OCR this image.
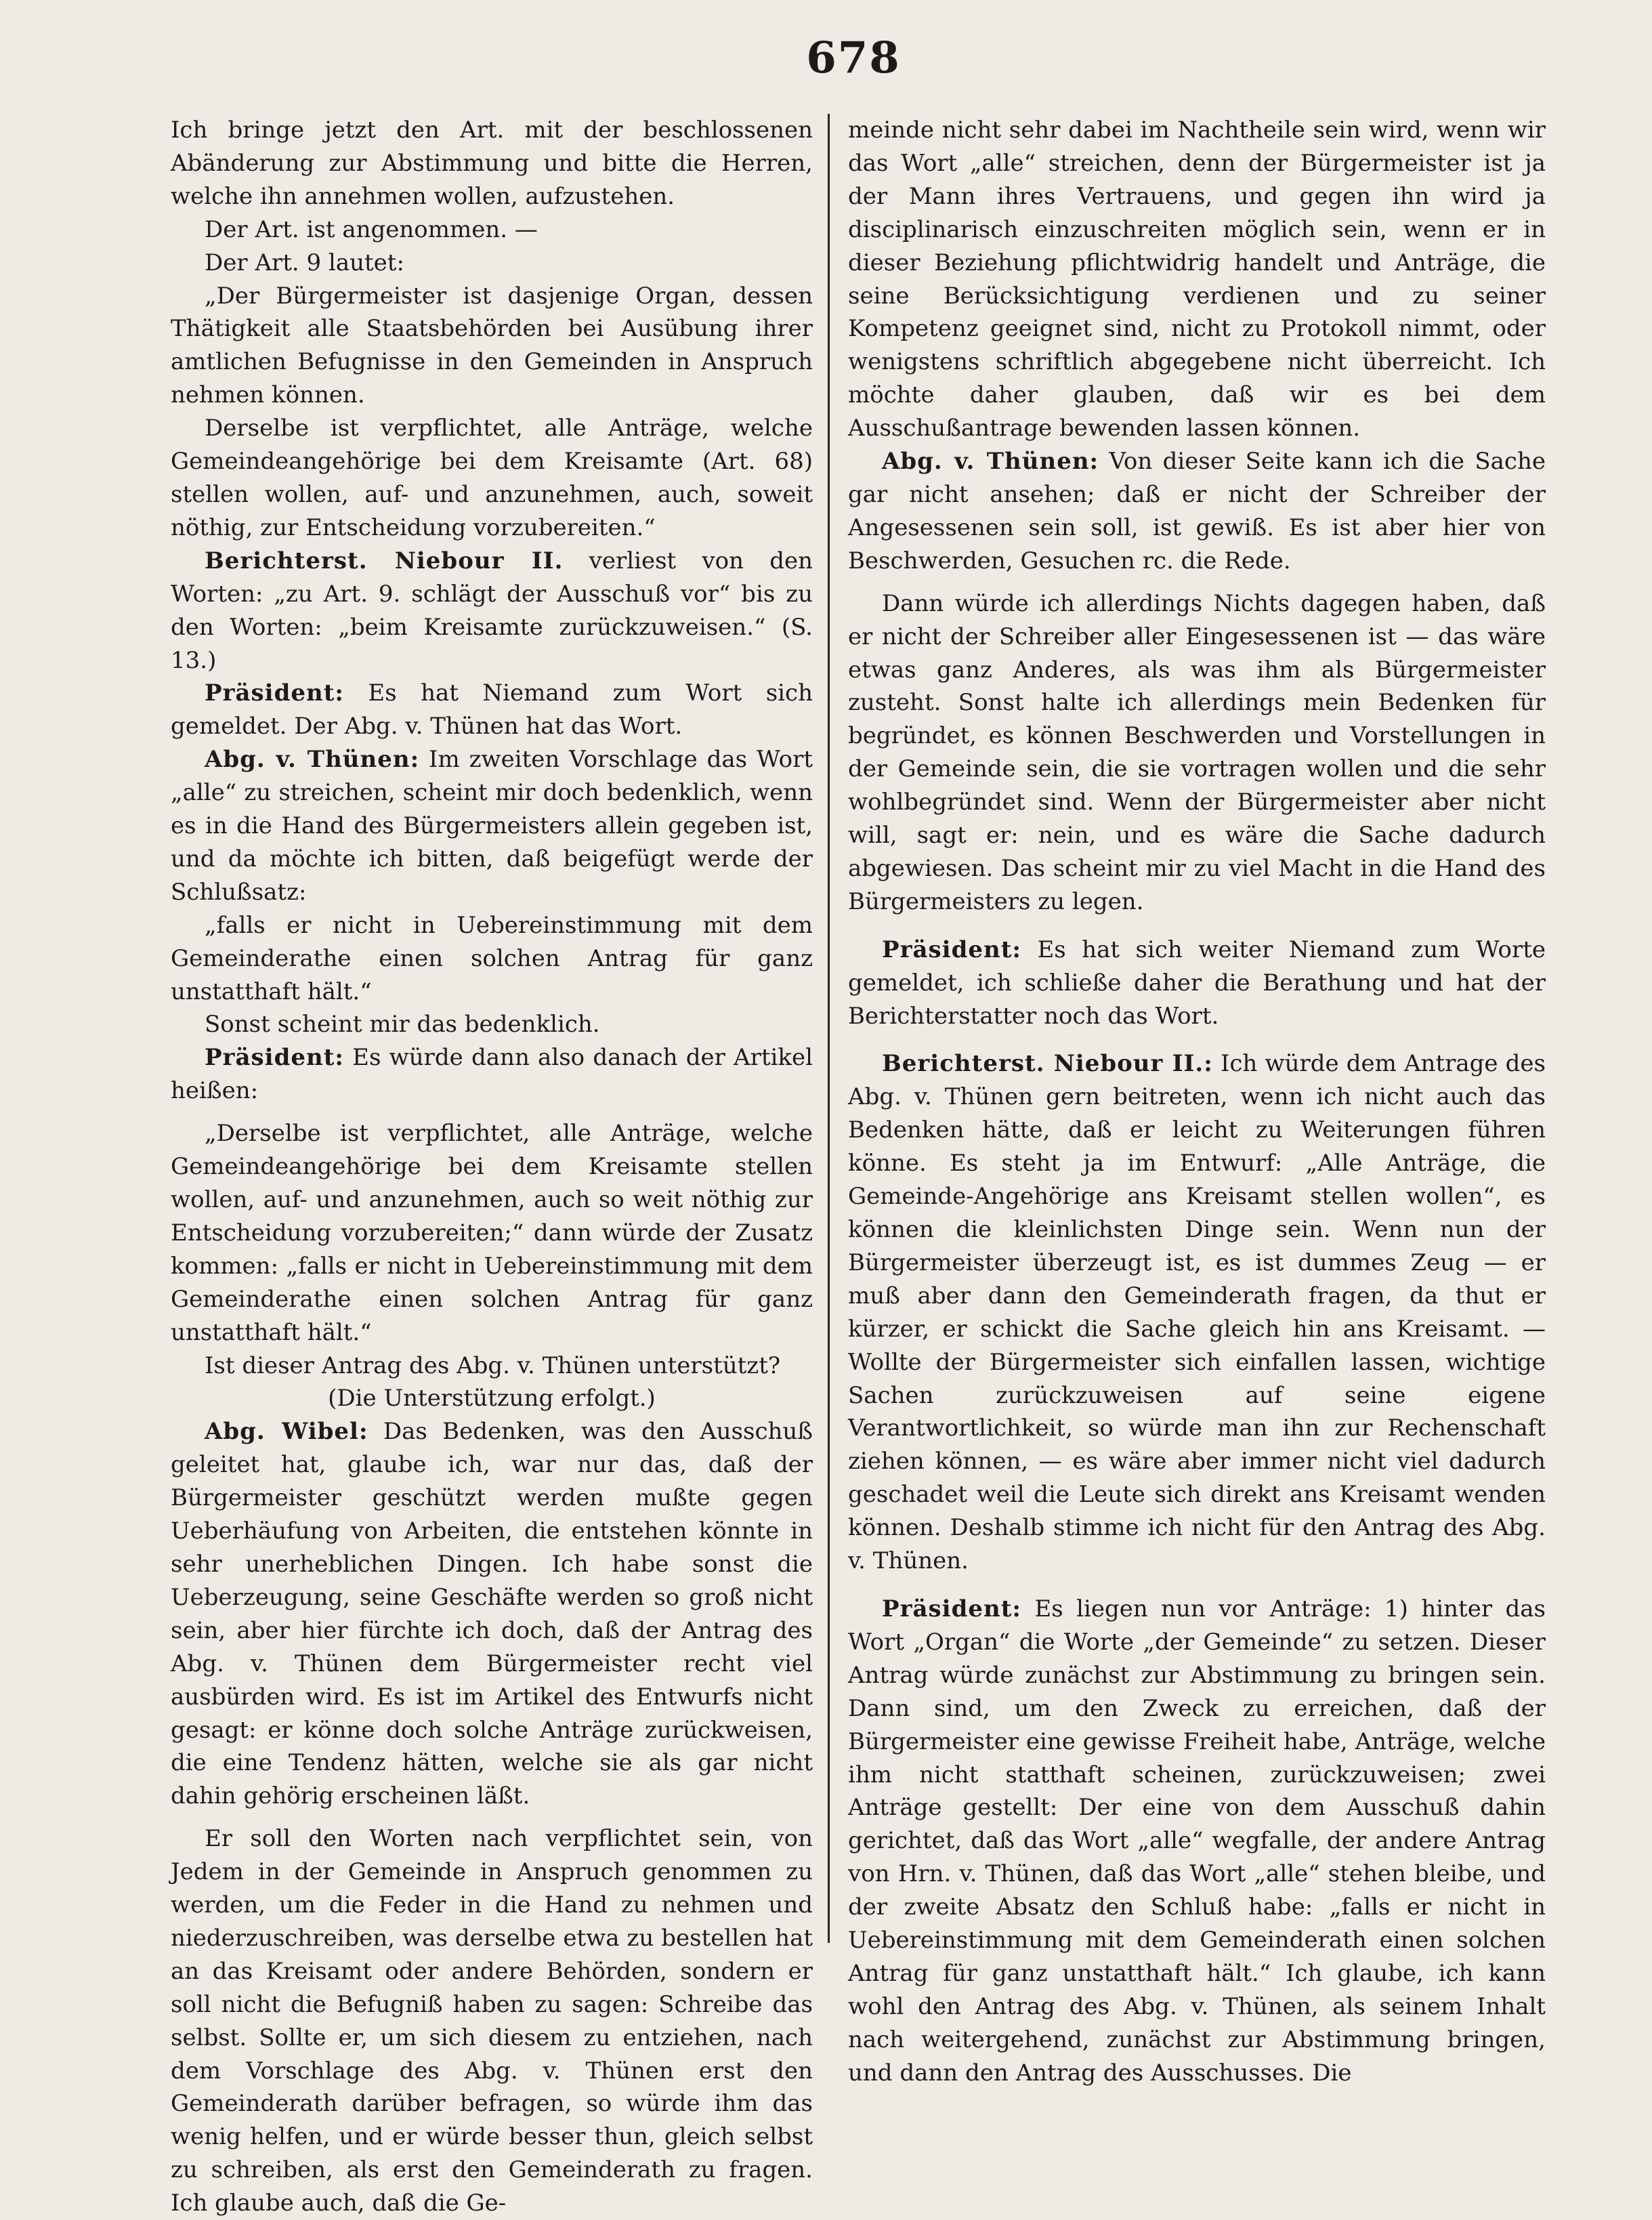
678

Ich bringe jetzt den Art. mit der beschlossenen Abänderung zur Abstimmung und bitte die Herren, welche ihn annehmen wollen, aufzustehen.

Der Art. ist angenommen. —

Der Art. 9 lautet:

„Der Bürgermeister ist dasjenige Organ, dessen Thätigkeit alle Staatsbehörden bei Ausübung ihrer amtlichen Befugnisse in den Gemeinden in Anspruch nehmen können.

Derselbe ist verpflichtet, alle Anträge, welche Gemeindeangehörige bei dem Kreisamte (Art. 68) stellen wollen, auf- und anzunehmen, auch, soweit nöthig, zur Entscheidung vorzubereiten.“

Berichterst. Niebour II. verliest von den Worten: „zu Art. 9. schlägt der Ausschuß vor“ bis zu den Worten: „beim Kreisamte zurückzuweisen.“ (S. 13.)

Präsident: Es hat Niemand zum Wort sich gemeldet. Der Abg. v. Thünen hat das Wort.

Abg. v. Thünen: Im zweiten Vorschlage das Wort „alle“ zu streichen, scheint mir doch bedenklich, wenn es in die Hand des Bürgermeisters allein gegeben ist, und da möchte ich bitten, daß beigefügt werde der Schlußsatz:

„falls er nicht in Uebereinstimmung mit dem Gemeinderathe einen solchen Antrag für ganz unstatthaft hält.“

Sonst scheint mir das bedenklich.

Präsident: Es würde dann also danach der Artikel heißen:

„Derselbe ist verpflichtet, alle Anträge, welche Gemeindeangehörige bei dem Kreisamte stellen wollen, auf- und anzunehmen, auch so weit nöthig zur Entscheidung vorzubereiten;“ dann würde der Zusatz kommen: „falls er nicht in Uebereinstimmung mit dem Gemeinderathe einen solchen Antrag für ganz unstatthaft hält.“

Ist dieser Antrag des Abg. v. Thünen unterstützt?

(Die Unterstützung erfolgt.)

Abg. Wibel: Das Bedenken, was den Ausschuß geleitet hat, glaube ich, war nur das, daß der Bürgermeister geschützt werden mußte gegen Ueberhäufung von Arbeiten, die entstehen könnte in sehr unerheblichen Dingen. Ich habe sonst die Ueberzeugung, seine Geschäfte werden so groß nicht sein, aber hier fürchte ich doch, daß der Antrag des Abg. v. Thünen dem Bürgermeister recht viel ausbürden wird. Es ist im Artikel des Entwurfs nicht gesagt: er könne doch solche Anträge zurückweisen, die eine Tendenz hätten, welche sie als gar nicht dahin gehörig erscheinen läßt.

Er soll den Worten nach verpflichtet sein, von Jedem in der Gemeinde in Anspruch genommen zu werden, um die Feder in die Hand zu nehmen und niederzuschreiben, was derselbe etwa zu bestellen hat an das Kreisamt oder andere Behörden, sondern er soll nicht die Befugniß haben zu sagen: Schreibe das selbst. Sollte er, um sich diesem zu entziehen, nach dem Vorschlage des Abg. v. Thünen erst den Gemeinderath darüber befragen, so würde ihm das wenig helfen, und er würde besser thun, gleich selbst zu schreiben, als erst den Gemeinderath zu fragen. Ich glaube auch, daß die Ge-

meinde nicht sehr dabei im Nachtheile sein wird, wenn wir das Wort „alle“ streichen, denn der Bürgermeister ist ja der Mann ihres Vertrauens, und gegen ihn wird ja disciplinarisch einzuschreiten möglich sein, wenn er in dieser Beziehung pflichtwidrig handelt und Anträge, die seine Berücksichtigung verdienen und zu seiner Kompetenz geeignet sind, nicht zu Protokoll nimmt, oder wenigstens schriftlich abgegebene nicht überreicht. Ich möchte daher glauben, daß wir es bei dem Ausschußantrage bewenden lassen können.

Abg. v. Thünen: Von dieser Seite kann ich die Sache gar nicht ansehen; daß er nicht der Schreiber der Angesessenen sein soll, ist gewiß. Es ist aber hier von Beschwerden, Gesuchen rc. die Rede.

Dann würde ich allerdings Nichts dagegen haben, daß er nicht der Schreiber aller Eingesessenen ist — das wäre etwas ganz Anderes, als was ihm als Bürgermeister zusteht. Sonst halte ich allerdings mein Bedenken für begründet, es können Beschwerden und Vorstellungen in der Gemeinde sein, die sie vortragen wollen und die sehr wohlbegründet sind. Wenn der Bürgermeister aber nicht will, sagt er: nein, und es wäre die Sache dadurch abgewiesen. Das scheint mir zu viel Macht in die Hand des Bürgermeisters zu legen.

Präsident: Es hat sich weiter Niemand zum Worte gemeldet, ich schließe daher die Berathung und hat der Berichterstatter noch das Wort.

Berichterst. Niebour II.: Ich würde dem Antrage des Abg. v. Thünen gern beitreten, wenn ich nicht auch das Bedenken hätte, daß er leicht zu Weiterungen führen könne. Es steht ja im Entwurf: „Alle Anträge, die Gemeinde-Angehörige ans Kreisamt stellen wollen“, es können die kleinlichsten Dinge sein. Wenn nun der Bürgermeister überzeugt ist, es ist dummes Zeug — er muß aber dann den Gemeinderath fragen, da thut er kürzer, er schickt die Sache gleich hin ans Kreisamt. — Wollte der Bürgermeister sich einfallen lassen, wichtige Sachen zurückzuweisen auf seine eigene Verantwortlichkeit, so würde man ihn zur Rechenschaft ziehen können, — es wäre aber immer nicht viel dadurch geschadet weil die Leute sich direkt ans Kreisamt wenden können. Deshalb stimme ich nicht für den Antrag des Abg. v. Thünen.

Präsident: Es liegen nun vor Anträge: 1) hinter das Wort „Organ“ die Worte „der Gemeinde“ zu setzen. Dieser Antrag würde zunächst zur Abstimmung zu bringen sein. Dann sind, um den Zweck zu erreichen, daß der Bürgermeister eine gewisse Freiheit habe, Anträge, welche ihm nicht statthaft scheinen, zurückzuweisen; zwei Anträge gestellt: Der eine von dem Ausschuß dahin gerichtet, daß das Wort „alle“ wegfalle, der andere Antrag von Hrn. v. Thünen, daß das Wort „alle“ stehen bleibe, und der zweite Absatz den Schluß habe: „falls er nicht in Uebereinstimmung mit dem Gemeinderath einen solchen Antrag für ganz unstatthaft hält.“ Ich glaube, ich kann wohl den Antrag des Abg. v. Thünen, als seinem Inhalt nach weitergehend, zunächst zur Abstimmung bringen, und dann den Antrag des Ausschusses. Die
